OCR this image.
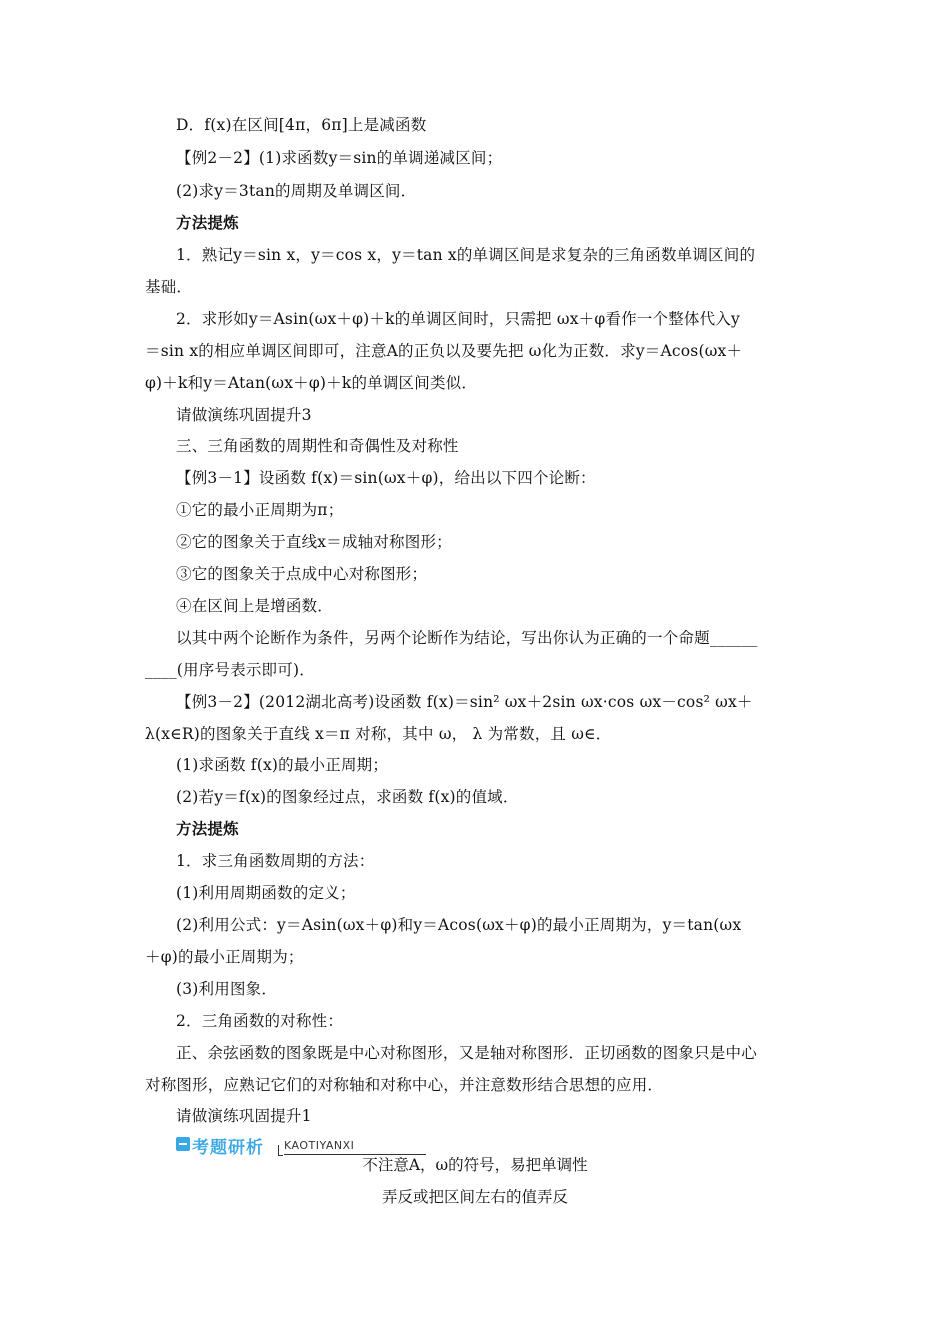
D．f(x)在区间[4π，6π]上是减函数
【例2－2】(1)求函数y＝sin的单调递减区间；
(2)求y＝3tan的周期及单调区间．
方法提炼
1．熟记y＝sin x，y＝cos x，y＝tan x的单调区间是求复杂的三角函数单调区间的
基础．
2．求形如y＝Asin(ωx＋φ)＋k的单调区间时，只需把 ωx＋φ看作一个整体代入y
＝sin x的相应单调区间即可，注意A的正负以及要先把 ω化为正数．求y＝Acos(ωx＋
φ)＋k和y＝Atan(ωx＋φ)＋k的单调区间类似．
请做演练巩固提升3
三、三角函数的周期性和奇偶性及对称性
【例3－1】设函数 f(x)＝sin(ωx＋φ)，给出以下四个论断：
①它的最小正周期为π；
②它的图象关于直线x＝成轴对称图形；
③它的图象关于点成中心对称图形；
④在区间上是增函数．
以其中两个论断作为条件，另两个论断作为结论，写出你认为正确的一个命题______
____(用序号表示即可)．
【例3－2】(2012湖北高考)设函数 f(x)＝sin² ωx＋2sin ωx·cos ωx－cos² ωx＋
λ(x∈R)的图象关于直线 x＝π 对称，其中 ω， λ 为常数，且 ω∈．
(1)求函数 f(x)的最小正周期；
(2)若y＝f(x)的图象经过点，求函数 f(x)的值域．
方法提炼
1．求三角函数周期的方法：
(1)利用周期函数的定义；
(2)利用公式：y＝Asin(ωx＋φ)和y＝Acos(ωx＋φ)的最小正周期为，y＝tan(ωx
＋φ)的最小正周期为；
(3)利用图象．
2．三角函数的对称性：
正、余弦函数的图象既是中心对称图形，又是轴对称图形．正切函数的图象只是中心
对称图形，应熟记它们的对称轴和对称中心，并注意数形结合思想的应用．
请做演练巩固提升1
考题研析 KAOTIYANXI
不注意A，ω的符号，易把单调性
弄反或把区间左右的值弄反
